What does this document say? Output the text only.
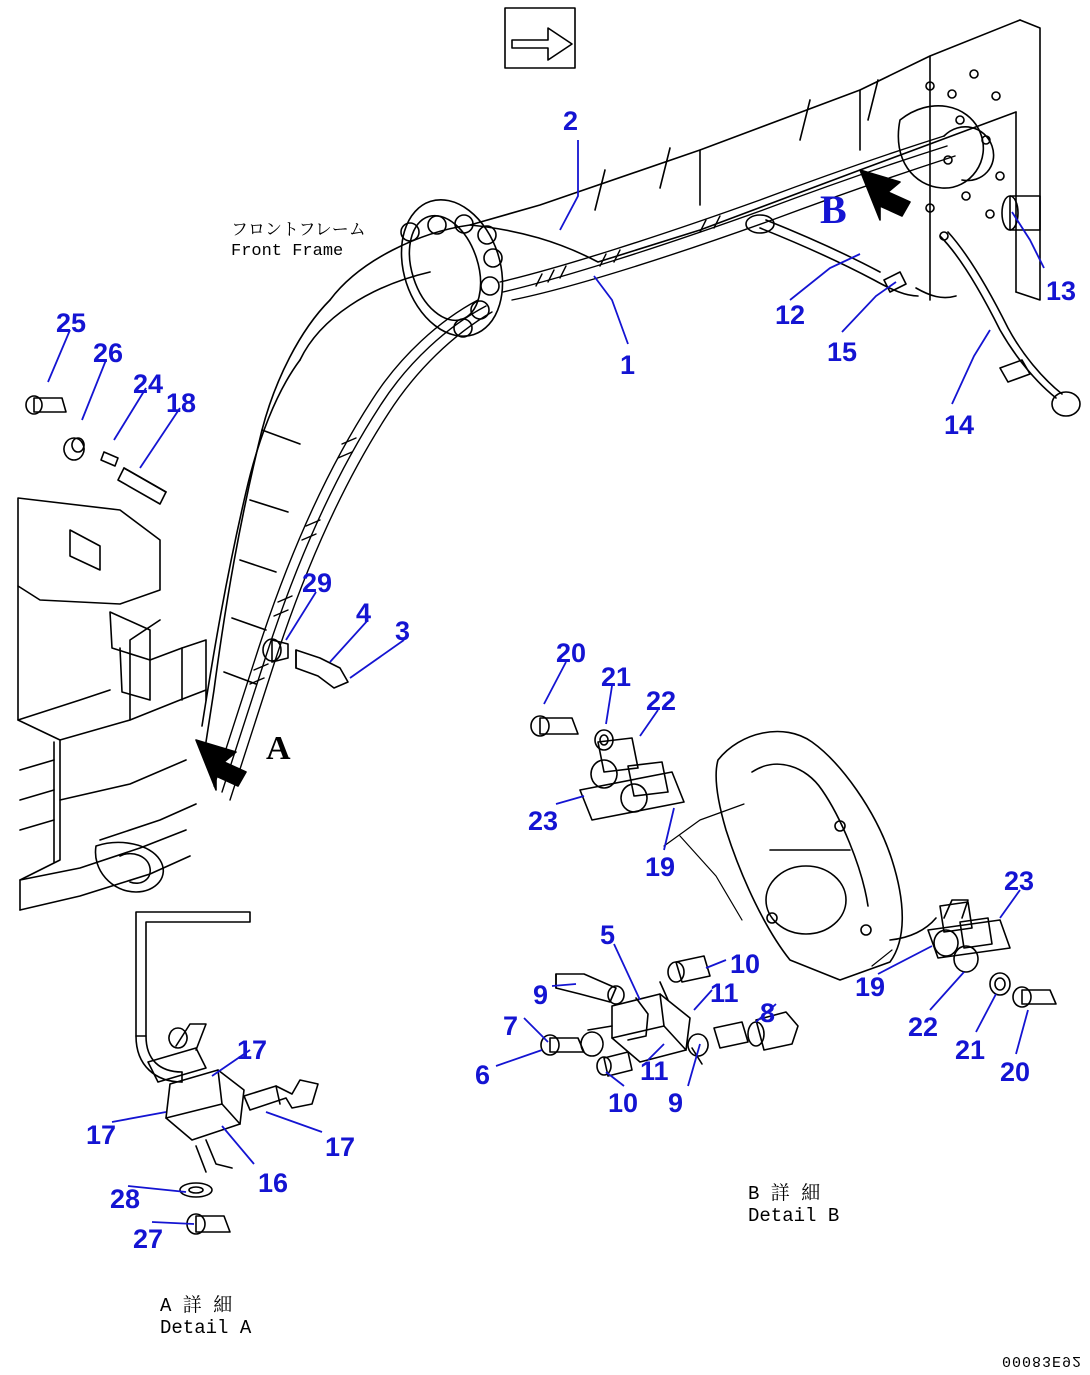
フロントフレーム
Front Frame
A 詳 細
Detail A
B 詳 細
Detail B
A
B
00083E92
2
1
13
12
15
14
25
26
24
18
29
4
3
20
21
22
23
19	23
19
22
21
20
5
10
11
9
8
7
6	11
10 9
17
17	17
16
28
27
